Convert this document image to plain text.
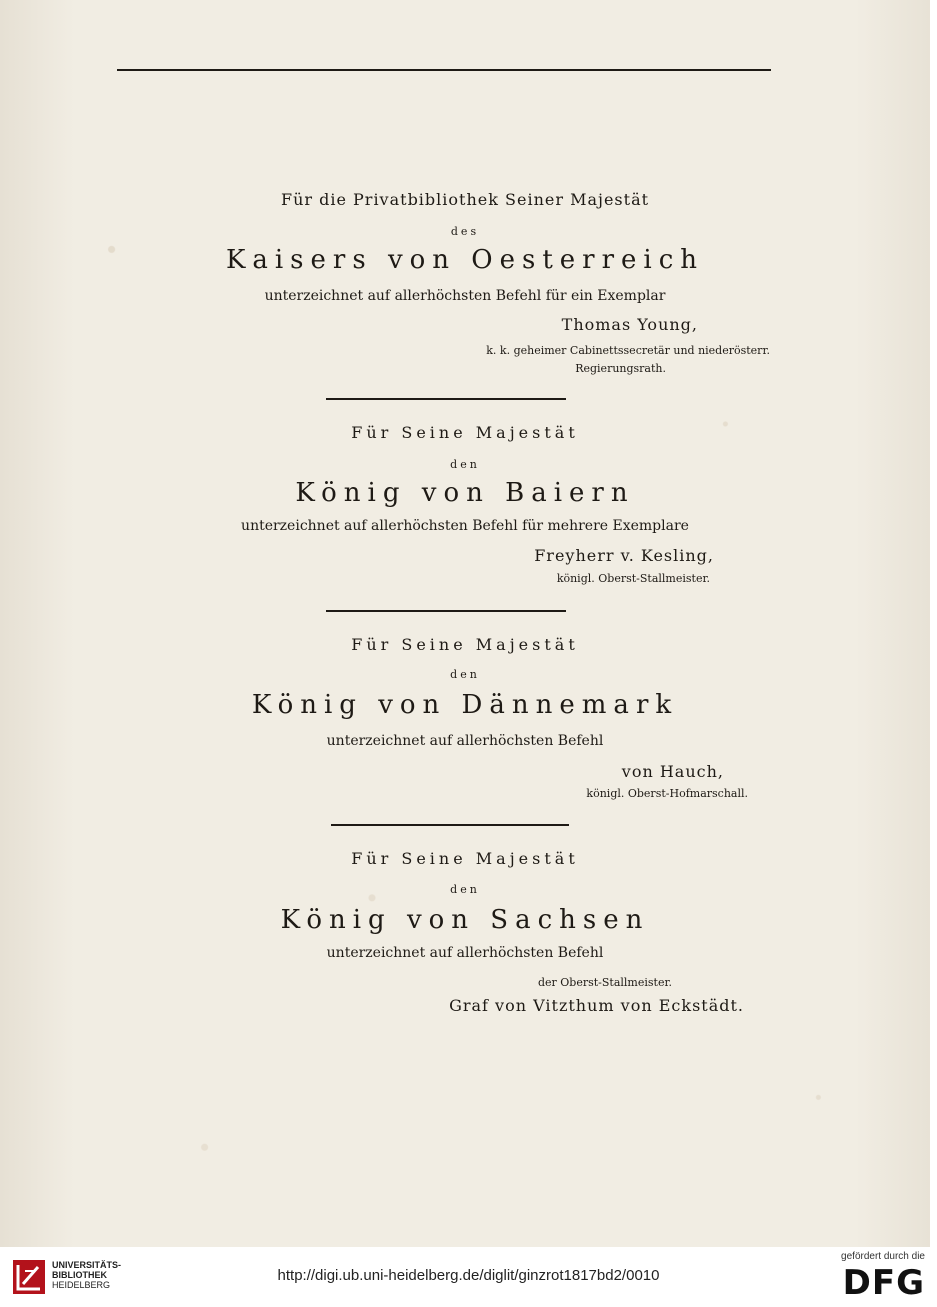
Für die Privatbibliothek Seiner Majestät
des
Kaisers von Oesterreich
unterzeichnet auf allerhöchsten Befehl für ein Exemplar
Thomas Young,
k. k. geheimer Cabinettssecretär und niederösterr.
Regierungsrath.
Für Seine Majestät
den
König von Baiern
unterzeichnet auf allerhöchsten Befehl für mehrere Exemplare
Freyherr v. Kesling,
königl. Oberst-Stallmeister.
Für Seine Majestät
den
König von Dännemark
unterzeichnet auf allerhöchsten Befehl
von Hauch,
königl. Oberst-Hofmarschall.
Für Seine Majestät
den
König von Sachsen
unterzeichnet auf allerhöchsten Befehl
der Oberst-Stallmeister.
Graf von Vitzthum von Eckstädt.
UNIVERSITÄTS-
BIBLIOTHEK
HEIDELBERG
http://digi.ub.uni-heidelberg.de/diglit/ginzrot1817bd2/0010
gefördert durch die
DFG
